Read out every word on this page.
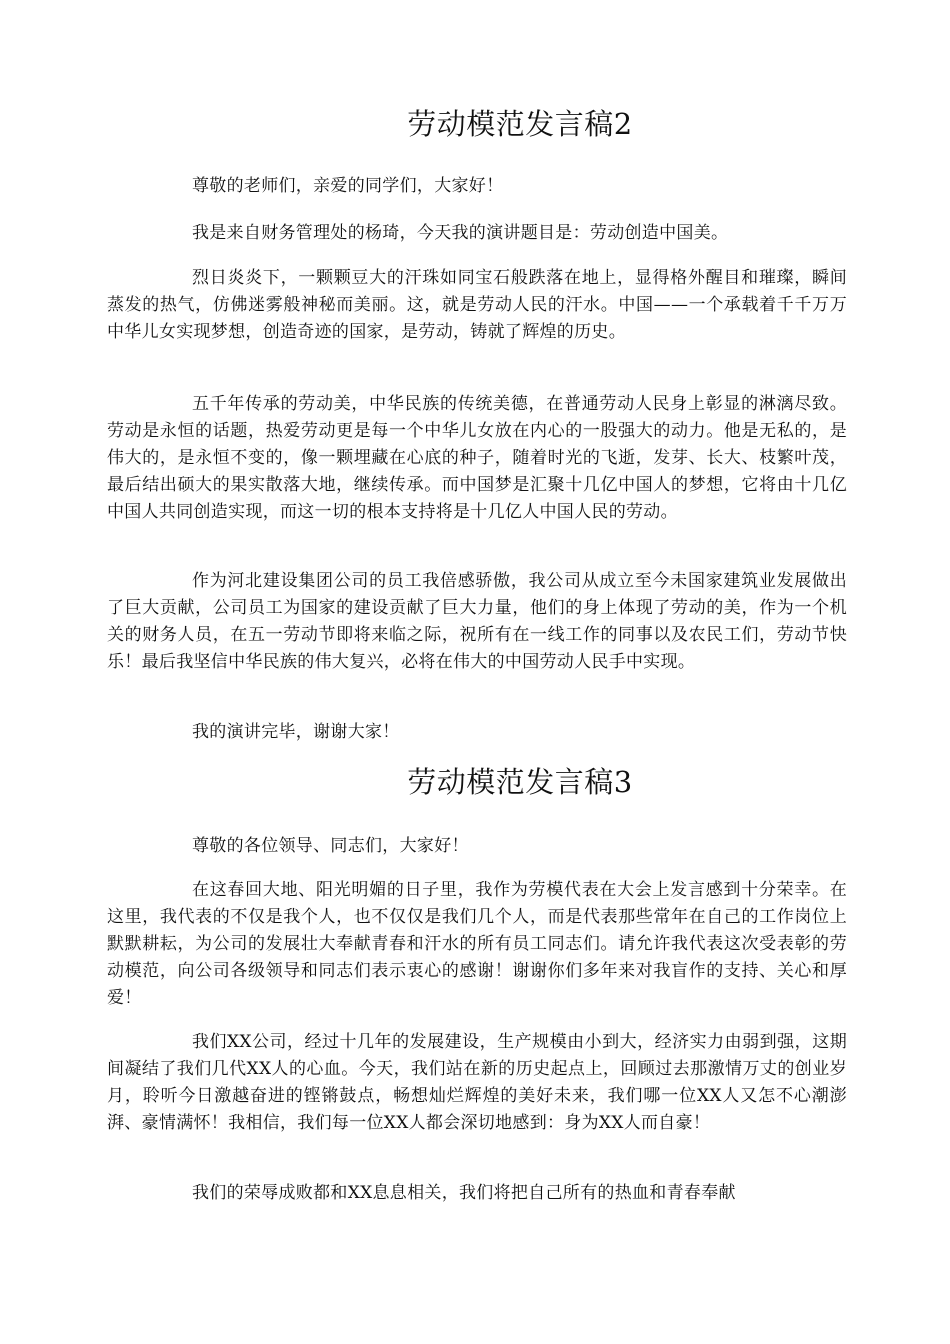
劳动模范发言稿2

尊敬的老师们，亲爱的同学们，大家好！

我是来自财务管理处的杨琦，今天我的演讲题目是：劳动创造中国美。

烈日炎炎下，一颗颗豆大的汗珠如同宝石般跌落在地上，显得格外醒目和璀璨，瞬间蒸发的热气，仿佛迷雾般神秘而美丽。这，就是劳动人民的汗水。中国——一个承载着千千万万中华儿女实现梦想，创造奇迹的国家，是劳动，铸就了辉煌的历史。

五千年传承的劳动美，中华民族的传统美德，在普通劳动人民身上彰显的淋漓尽致。劳动是永恒的话题，热爱劳动更是每一个中华儿女放在内心的一股强大的动力。他是无私的，是伟大的，是永恒不变的，像一颗埋藏在心底的种子，随着时光的飞逝，发芽、长大、枝繁叶茂，最后结出硕大的果实散落大地，继续传承。而中国梦是汇聚十几亿中国人的梦想，它将由十几亿中国人共同创造实现，而这一切的根本支持将是十几亿人中国人民的劳动。

作为河北建设集团公司的员工我倍感骄傲，我公司从成立至今未国家建筑业发展做出了巨大贡献，公司员工为国家的建设贡献了巨大力量，他们的身上体现了劳动的美，作为一个机关的财务人员，在五一劳动节即将来临之际，祝所有在一线工作的同事以及农民工们，劳动节快乐！最后我坚信中华民族的伟大复兴，必将在伟大的中国劳动人民手中实现。

我的演讲完毕，谢谢大家！

劳动模范发言稿3

尊敬的各位领导、同志们，大家好！

在这春回大地、阳光明媚的日子里，我作为劳模代表在大会上发言感到十分荣幸。在这里，我代表的不仅是我个人，也不仅仅是我们几个人，而是代表那些常年在自己的工作岗位上默默耕耘，为公司的发展壮大奉献青春和汗水的所有员工同志们。请允许我代表这次受表彰的劳动模范，向公司各级领导和同志们表示衷心的感谢！谢谢你们多年来对我盲作的支持、关心和厚爱！

我们XX公司，经过十几年的发展建设，生产规模由小到大，经济实力由弱到强，这期间凝结了我们几代XX人的心血。今天，我们站在新的历史起点上，回顾过去那激情万丈的创业岁月，聆听今日激越奋进的铿锵鼓点，畅想灿烂辉煌的美好未来，我们哪一位XX人又怎不心潮澎湃、豪情满怀！我相信，我们每一位XX人都会深切地感到：身为XX人而自豪！

我们的荣辱成败都和XX息息相关，我们将把自己所有的热血和青春奉献
